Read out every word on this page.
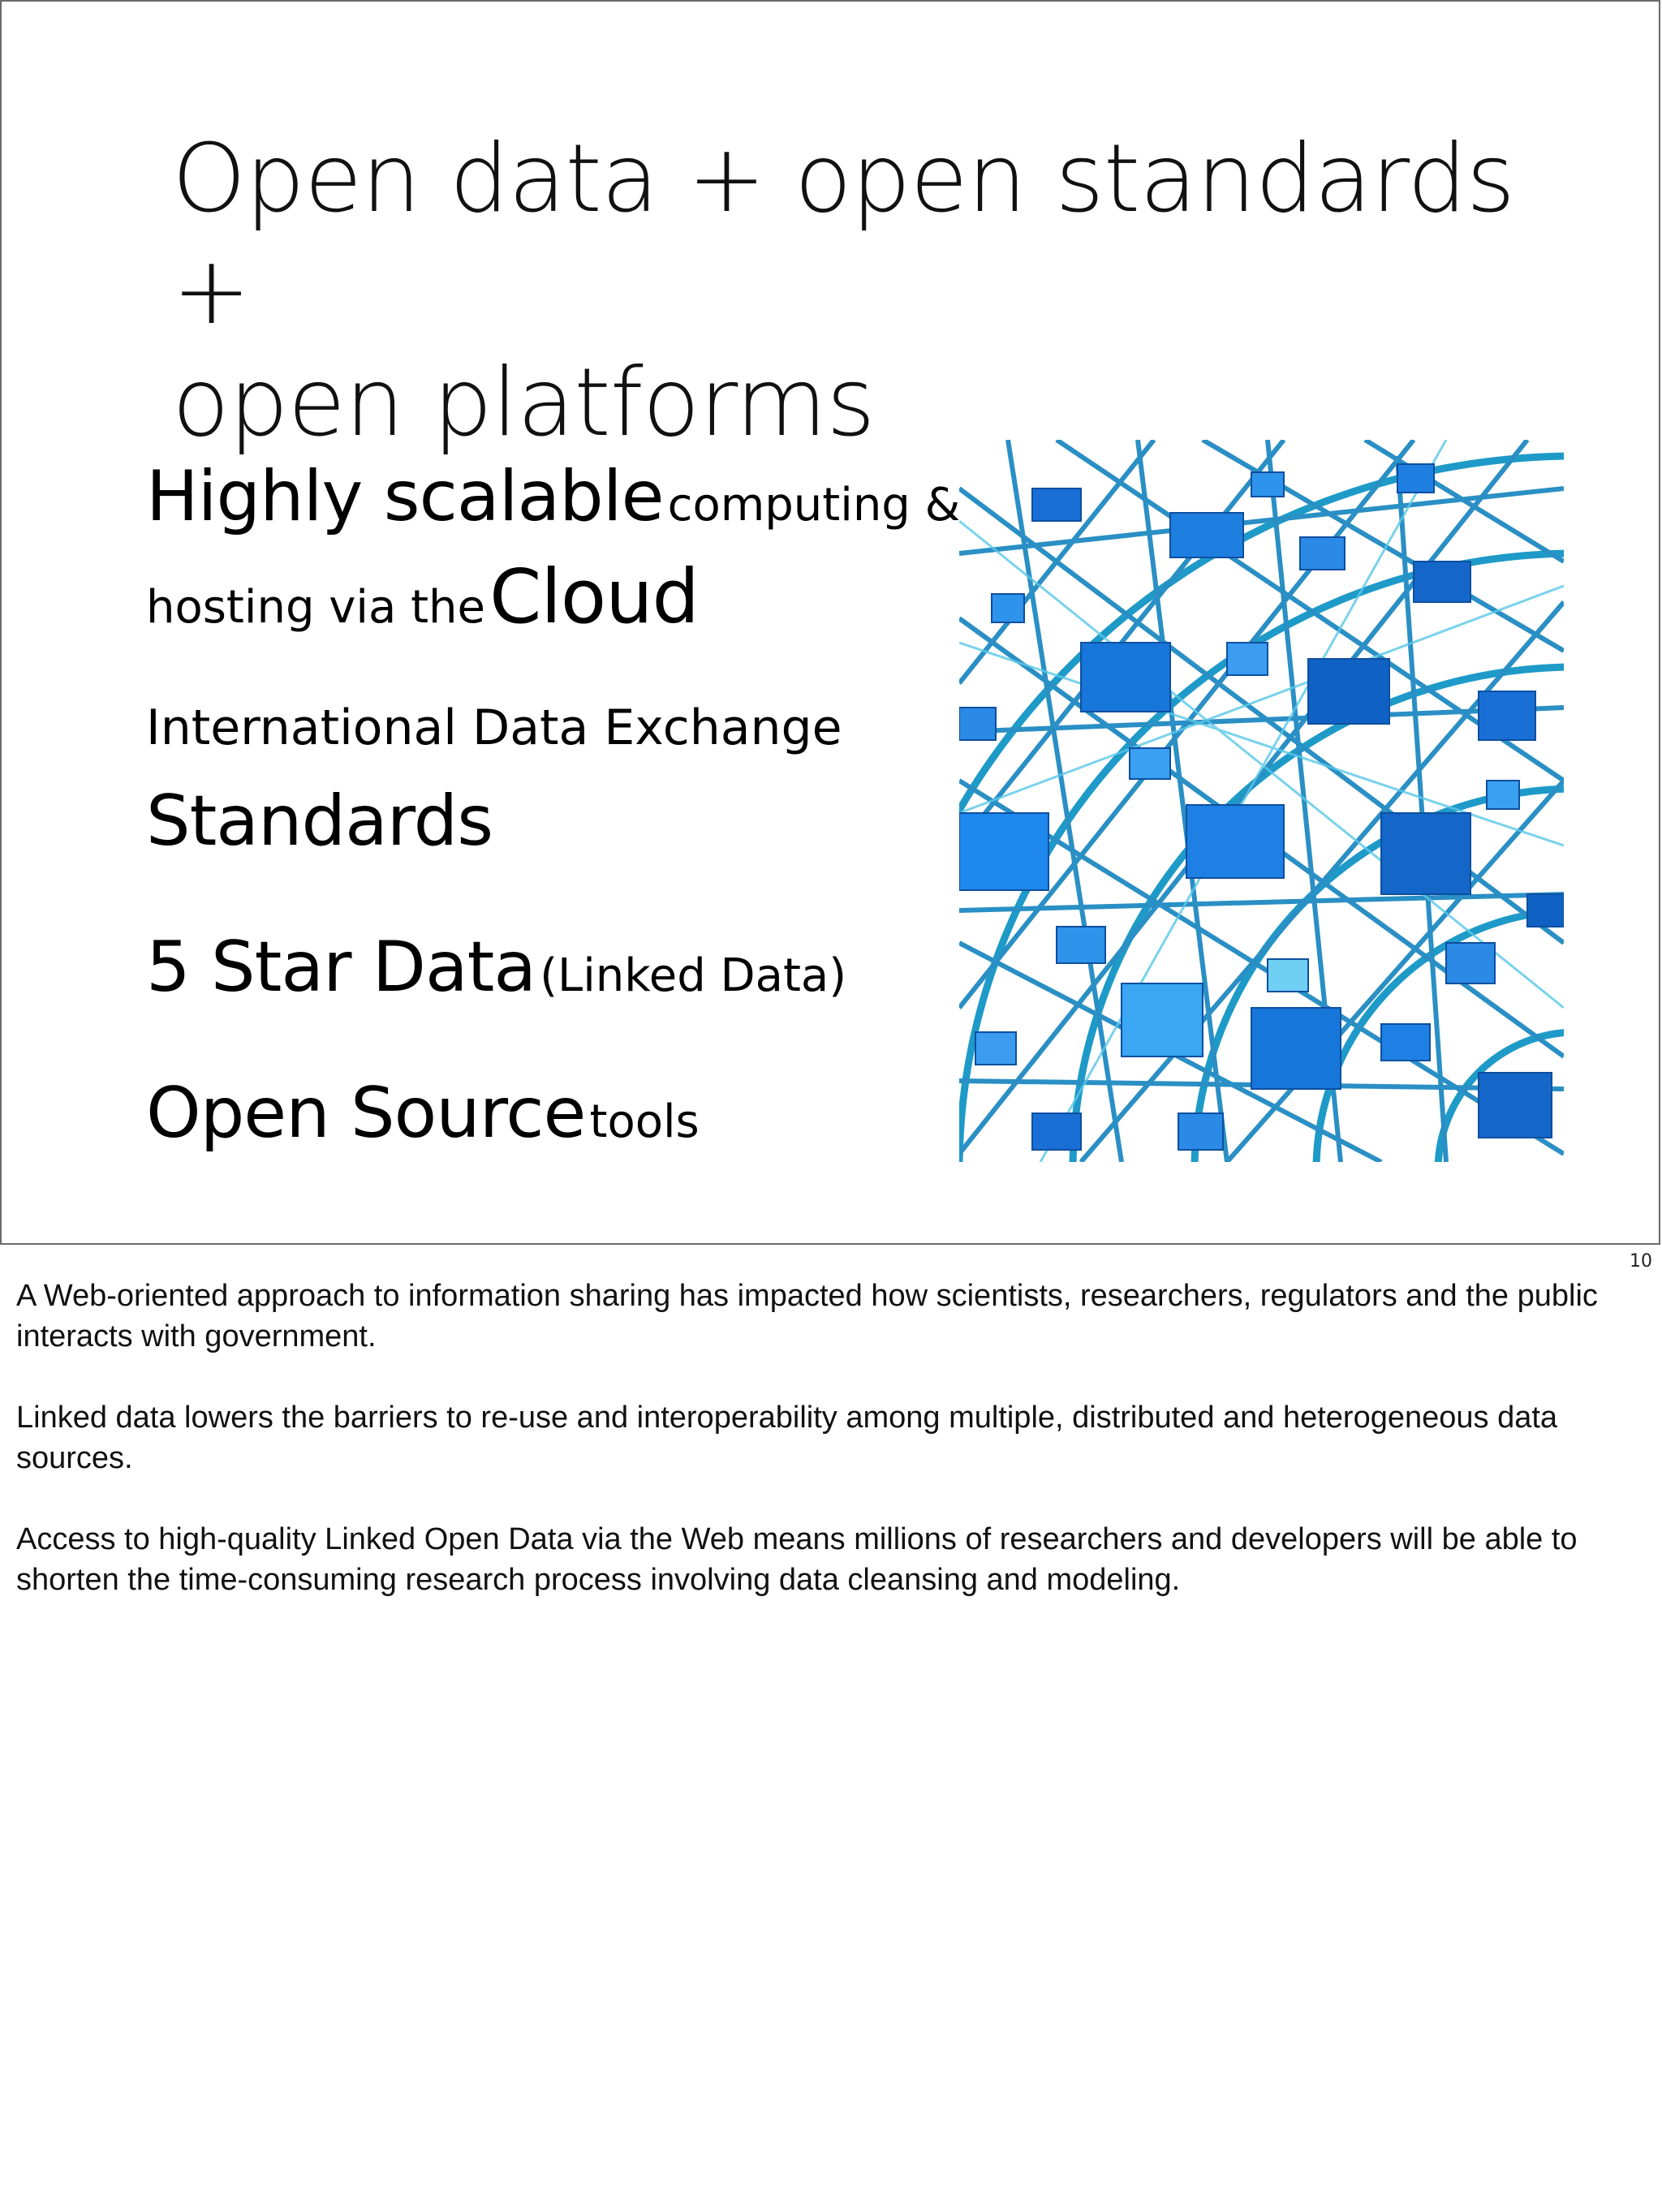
Open data + open standards +
open platforms
Highly scalable computing &
hosting via the Cloud
International Data Exchange
Standards
5 Star Data (Linked Data)
Open Source tools
10

A Web-oriented approach to information sharing has impacted how scientists, researchers, regulators and the public interacts with government.

Linked data lowers the barriers to re-use and interoperability among multiple, distributed and heterogeneous data sources.

Access to high-quality Linked Open Data via the Web means millions of researchers and developers will be able to shorten the time-consuming research process involving data cleansing and modeling.
